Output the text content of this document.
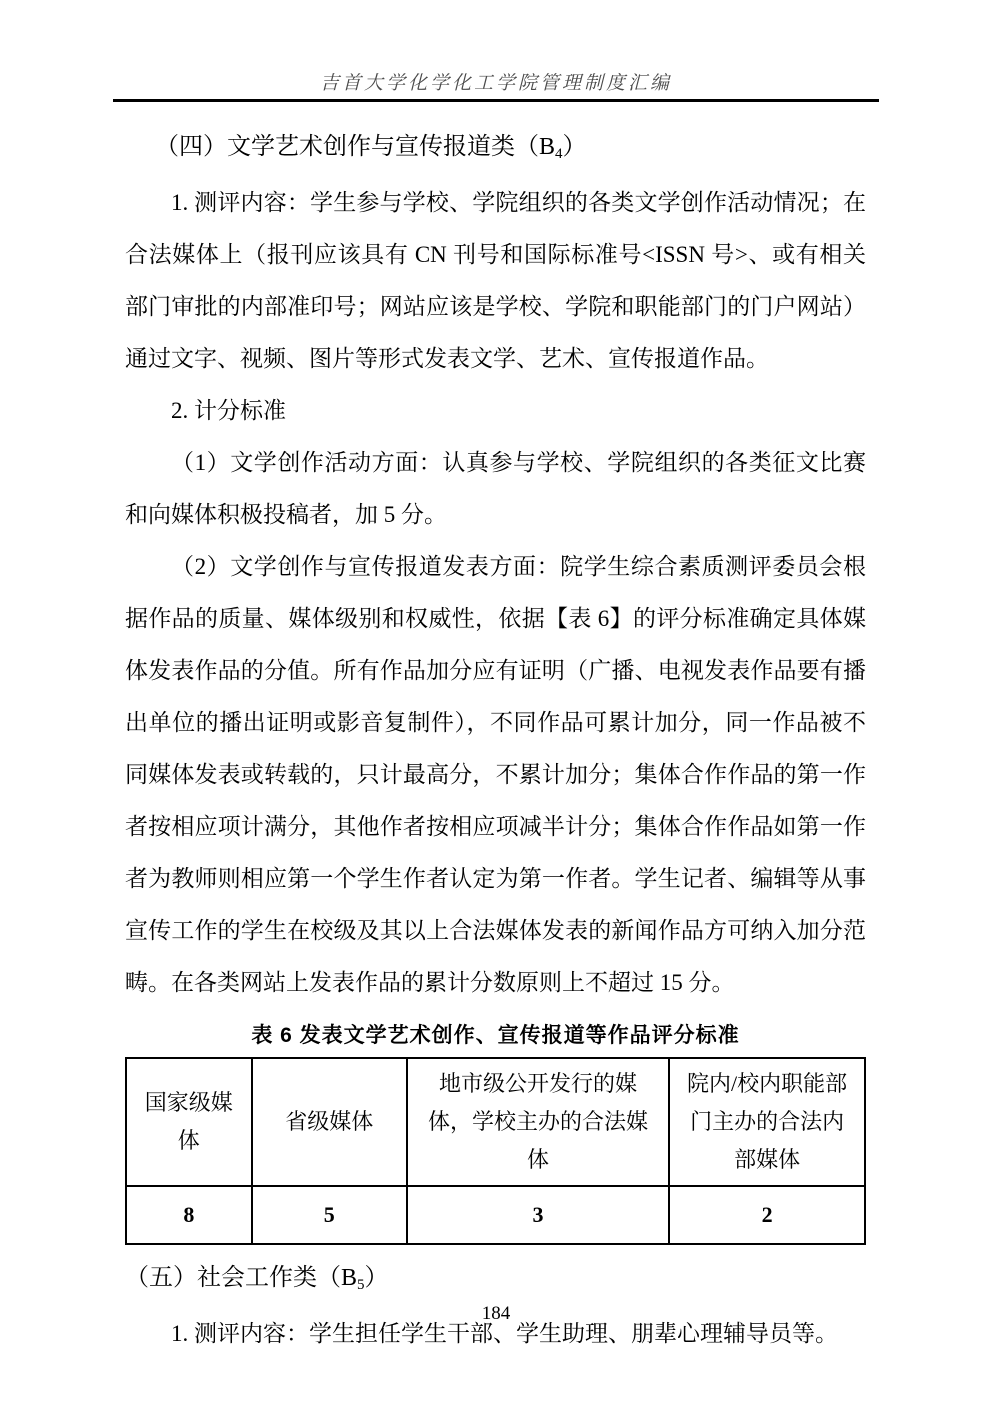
吉首大学化学化工学院管理制度汇编
（四）文学艺术创作与宣传报道类$(B_4)$
1. 测评内容：学生参与学校、学院组织的各类文学创作活动情况；在合法媒体上（报刊应该具有 CN 刊号和国际标准号<ISSN 号>、或有相关部门审批的内部准印号；网站应该是学校、学院和职能部门的门户网站）通过文字、视频、图片等形式发表文学、艺术、宣传报道作品。
2. 计分标准
（1）文学创作活动方面：认真参与学校、学院组织的各类征文比赛和向媒体积极投稿者，加 5 分。
（2）文学创作与宣传报道发表方面：院学生综合素质测评委员会根据作品的质量、媒体级别和权威性，依据【表 6】的评分标准确定具体媒体发表作品的分值。所有作品加分应有证明（广播、电视发表作品要有播出单位的播出证明或影音复制件），不同作品可累计加分，同一作品被不同媒体发表或转载的，只计最高分，不累计加分；集体合作作品的第一作者按相应项计满分，其他作者按相应项减半计分；集体合作作品如第一作者为教师则相应第一个学生作者认定为第一作者。学生记者、编辑等从事宣传工作的学生在校级及其以上合法媒体发表的新闻作品方可纳入加分范畴。在各类网站上发表作品的累计分数原则上不超过 15 分。
表 6 发表文学艺术创作、宣传报道等作品评分标准
国家级媒体	省级媒体	地市级公开发行的媒体，学校主办的合法媒体	院内/校内职能部门主办的合法内部媒体
8	5	3	2
（五）社会工作类$(B_5)$
1. 测评内容：学生担任学生干部、学生助理、朋辈心理辅导员等。
184
